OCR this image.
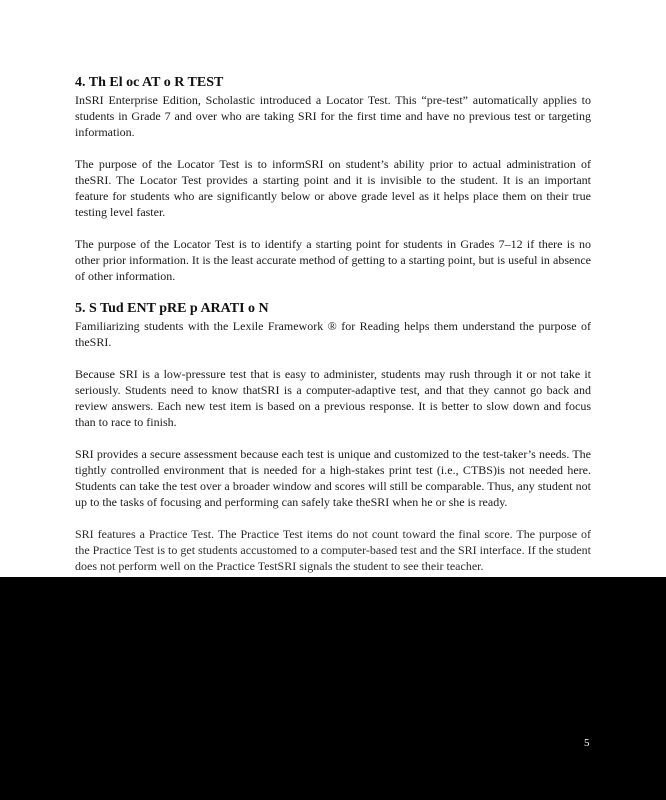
4. Th El oc AT o R TEST

InSRI Enterprise Edition, Scholastic introduced a Locator Test. This “pre-test” automatically applies to students in Grade 7 and over who are taking SRI for the first time and have no previous test or targeting information.

The purpose of the Locator Test is to informSRI on student’s ability prior to actual administration of theSRI. The Locator Test provides a starting point and it is invisible to the student. It is an important feature for students who are significantly below or above grade level as it helps place them on their true testing level faster.

The purpose of the Locator Test is to identify a starting point for students in Grades 7–12 if there is no other prior information. It is the least accurate method of getting to a starting point, but is useful in absence of other information.

5. S Tud ENT pRE p ARATI o N

Familiarizing students with the Lexile Framework ® for Reading helps them understand the purpose of theSRI.

Because SRI is a low-pressure test that is easy to administer, students may rush through it or not take it seriously. Students need to know thatSRI is a computer-adaptive test, and that they cannot go back and review answers. Each new test item is based on a previous response. It is better to slow down and focus than to race to finish.

SRI provides a secure assessment because each test is unique and customized to the test-taker’s needs. The tightly controlled environment that is needed for a high-stakes print test (i.e., CTBS)is not needed here. Students can take the test over a broader window and scores will still be comparable. Thus, any student not up to the tasks of focusing and performing can safely take theSRI when he or she is ready.

SRI features a Practice Test. The Practice Test items do not count toward the final score. The purpose of the Practice Test is to get students accustomed to a computer-based test and the SRI interface. If the student does not perform well on the Practice TestSRI signals the student to see their teacher.

5
